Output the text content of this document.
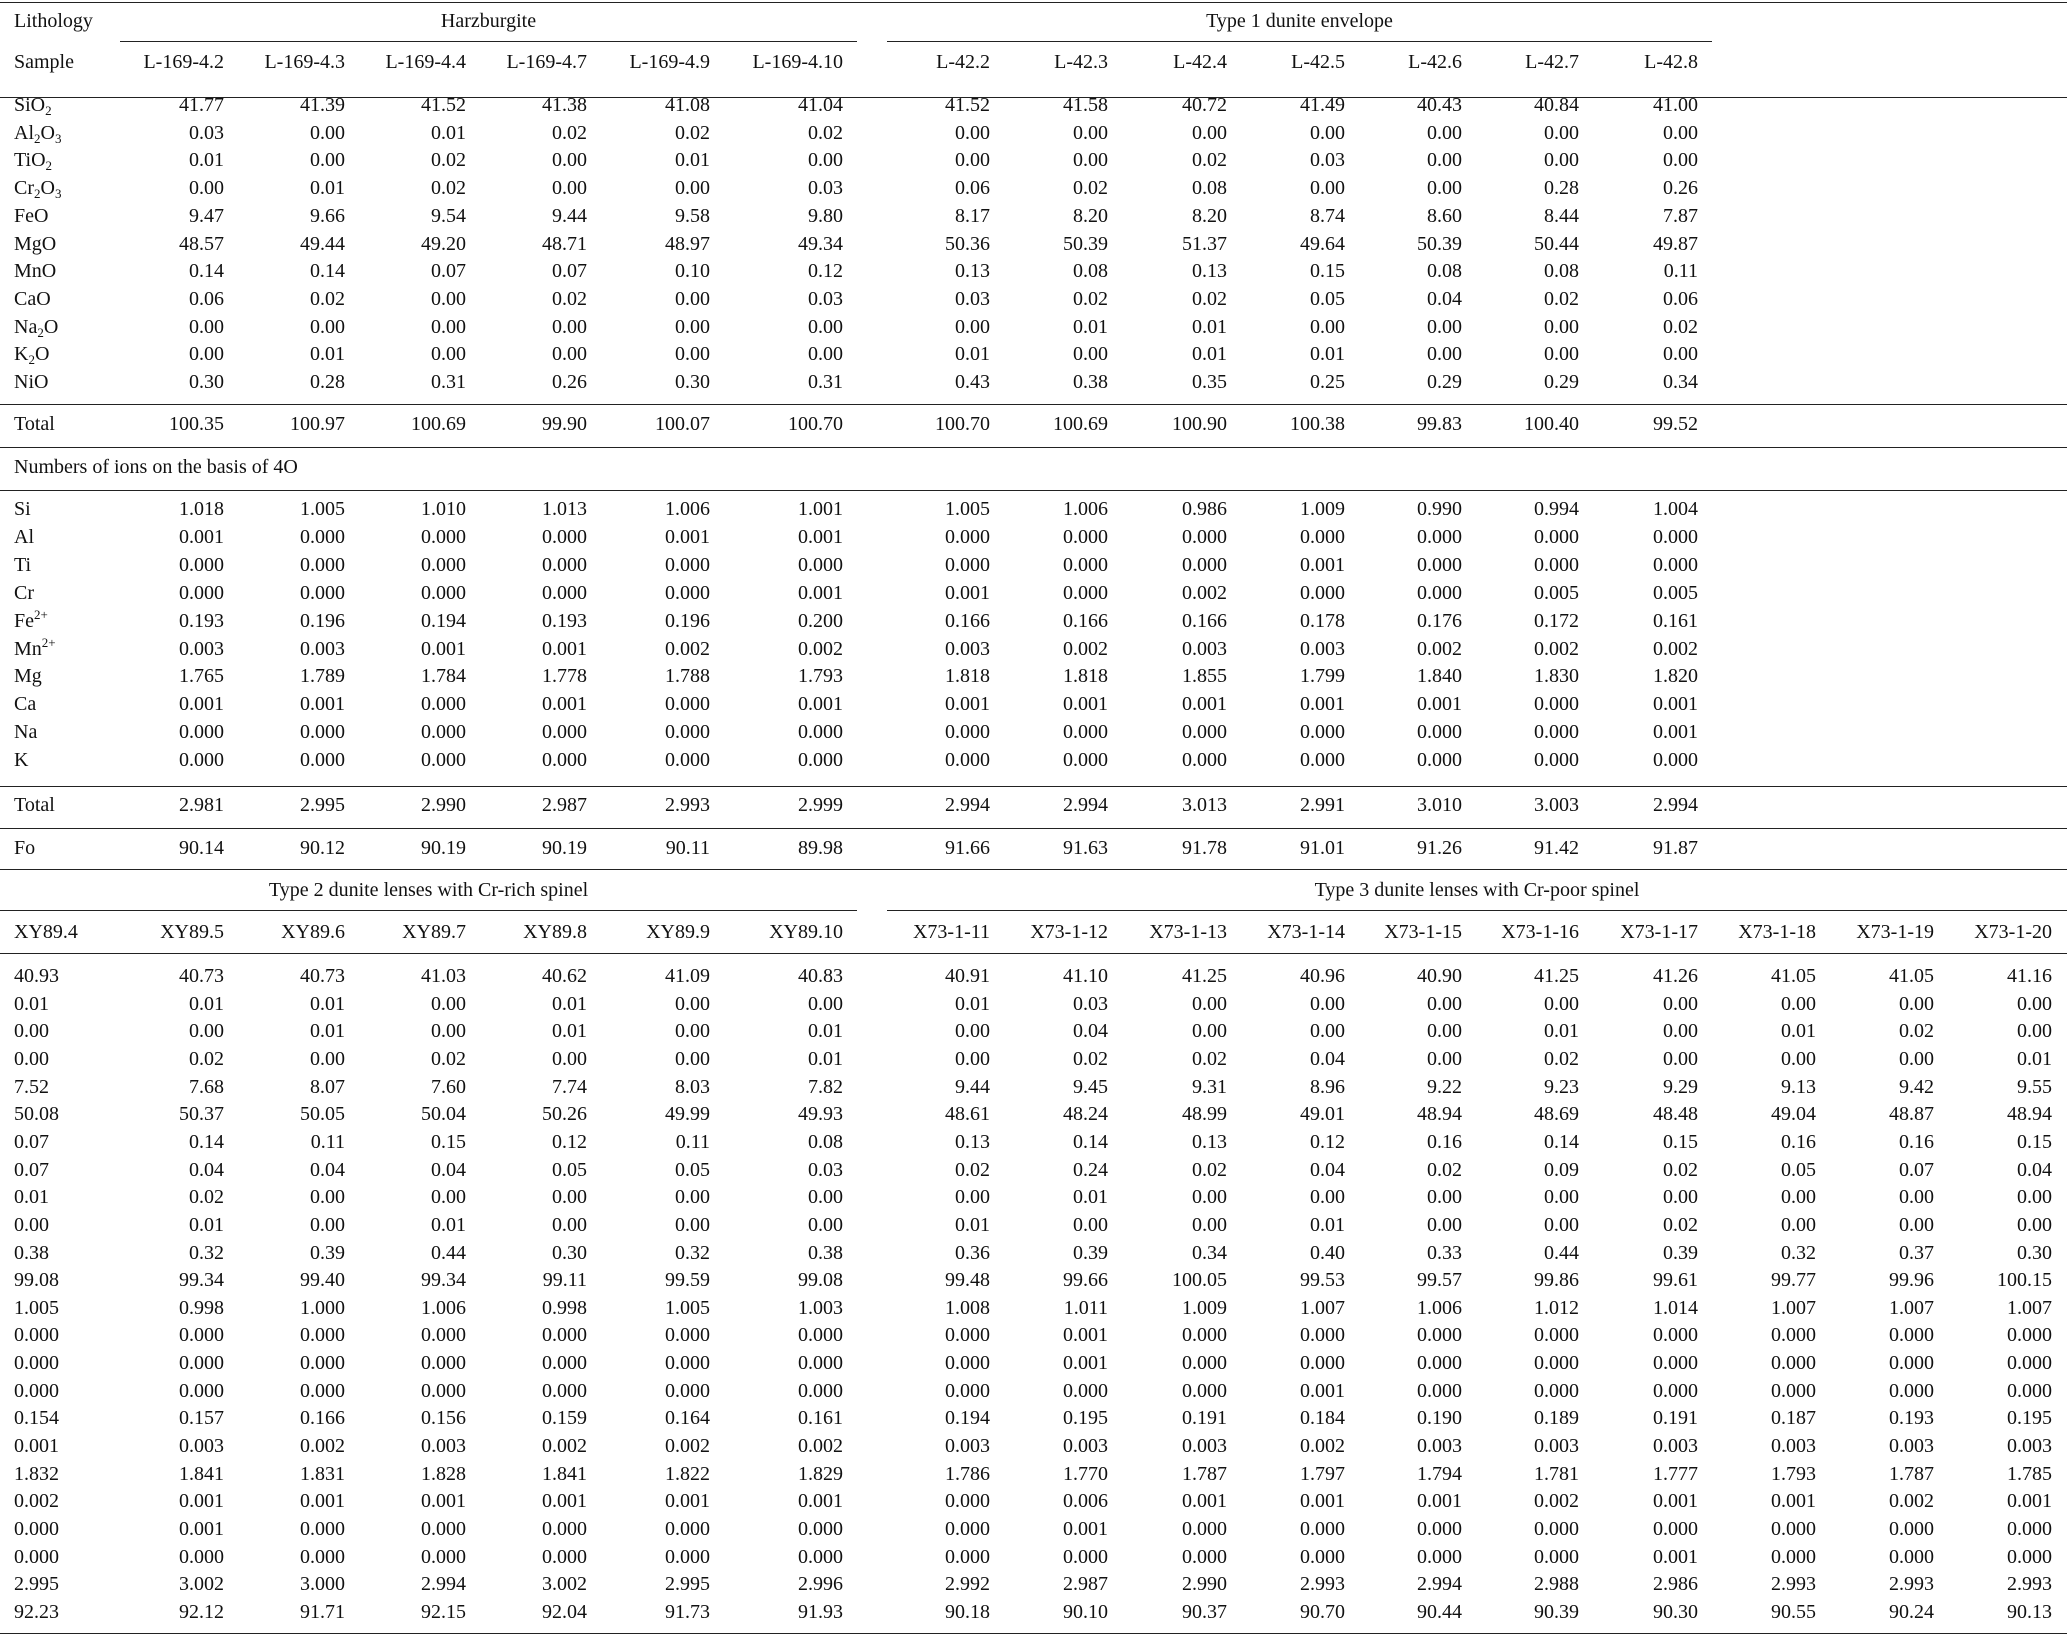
Lithology
Sample
Harzburgite	Type 1 dunite envelope
L-169-4.2	L-169-4.3	L-169-4.4	L-169-4.7	L-169-4.9	L-169-4.10	L-42.2	L-42.3	L-42.4	L-42.5	L-42.6	L-42.7	L-42.8
SiO$_2$	41.77	41.39	41.52	41.38	41.08	41.04	41.52	41.58	40.72	41.49	40.43	40.84	41.00
$Al_2O_3$	0.03	0.00	0.01	0.02	0.02	0.02	0.00	0.00	0.00	0.00	0.00	0.00	0.00
TiO$_2$	0.01	0.00	0.02	0.00	0.01	0.00	0.00	0.00	0.02	0.03	0.00	0.00	0.00
$Cr_2O_3$	0.00	0.01	0.02	0.00	0.00	0.03	0.06	0.02	0.08	0.00	0.00	0.28	0.26
FeO	9.47	9.66	9.54	9.44	9.58	9.80	8.17	8.20	8.20	8.74	8.60	8.44	7.87
MgO	48.57	49.44	49.20	48.71	48.97	49.34	50.36	50.39	51.37	49.64	50.39	50.44	49.87
MnO	0.14	0.14	0.07	0.07	0.10	0.12	0.13	0.08	0.13	0.15	0.08	0.08	0.11
CaO	0.06	0.02	0.00	0.02	0.00	0.03	0.03	0.02	0.02	0.05	0.04	0.02	0.06
$Na_2O$	0.00	0.00	0.00	0.00	0.00	0.00	0.00	0.01	0.01	0.00	0.00	0.00	0.02
$K_2O$	0.00	0.01	0.00	0.00	0.00	0.00	0.01	0.00	0.01	0.01	0.00	0.00	0.00
NiO	0.30	0.28	0.31	0.26	0.30	0.31	0.43	0.38	0.35	0.25	0.29	0.29	0.34
Total	100.35	100.97	100.69	99.90	100.07	100.70	100.70	100.69	100.90	100.38	99.83	100.40	99.52
Numbers of ions on the basis of 4O
Si	1.018	1.005	1.010	1.013	1.006	1.001	1.005	1.006	0.986	1.009	0.990	0.994	1.004
Al	0.001	0.000	0.000	0.000	0.001	0.001	0.000	0.000	0.000	0.000	0.000	0.000	0.000
Ti	0.000	0.000	0.000	0.000	0.000	0.000	0.000	0.000	0.000	0.001	0.000	0.000	0.000
Cr	0.000	0.000	0.000	0.000	0.000	0.001	0.001	0.000	0.002	0.000	0.000	0.005	0.005
$Fe^{2+}$	0.193	0.196	0.194	0.193	0.196	0.200	0.166	0.166	0.166	0.178	0.176	0.172	0.161
$Mn^{2+}$	0.003	0.003	0.001	0.001	0.002	0.002	0.003	0.002	0.003	0.003	0.002	0.002	0.002
Mg	1.765	1.789	1.784	1.778	1.788	1.793	1.818	1.818	1.855	1.799	1.840	1.830	1.820
Ca	0.001	0.001	0.000	0.001	0.000	0.001	0.001	0.001	0.001	0.001	0.001	0.000	0.001
Na	0.000	0.000	0.000	0.000	0.000	0.000	0.000	0.000	0.000	0.000	0.000	0.000	0.001
K	0.000	0.000	0.000	0.000	0.000	0.000	0.000	0.000	0.000	0.000	0.000	0.000	0.000
Total	2.981	2.995	2.990	2.987	2.993	2.999	2.994	2.994	3.013	2.991	3.010	3.003	2.994
Fo	90.14	90.12	90.19	90.19	90.11	89.98	91.66	91.63	91.78	91.01	91.26	91.42	91.87
Type 2 dunite lenses with Cr-rich spinel	Type 3 dunite lenses with Cr-poor spinel
XY89.4	XY89.5	XY89.6	XY89.7	XY89.8	XY89.9	XY89.10	X73-1-11	X73-1-12	X73-1-13	X73-1-14	X73-1-15	X73-1-16	X73-1-17	X73-1-18	X73-1-19	X73-1-20
40.93	40.73	40.73	41.03	40.62	41.09	40.83	40.91	41.10	41.25	40.96	40.90	41.25	41.26	41.05	41.05	41.16
0.01	0.01	0.01	0.00	0.01	0.00	0.00	0.01	0.03	0.00	0.00	0.00	0.00	0.00	0.00	0.00	0.00
0.00	0.00	0.01	0.00	0.01	0.00	0.01	0.00	0.04	0.00	0.00	0.00	0.01	0.00	0.01	0.02	0.00
0.00	0.02	0.00	0.02	0.00	0.00	0.01	0.00	0.02	0.02	0.04	0.00	0.02	0.00	0.00	0.00	0.01
7.52	7.68	8.07	7.60	7.74	8.03	7.82	9.44	9.45	9.31	8.96	9.22	9.23	9.29	9.13	9.42	9.55
50.08	50.37	50.05	50.04	50.26	49.99	49.93	48.61	48.24	48.99	49.01	48.94	48.69	48.48	49.04	48.87	48.94
0.07	0.14	0.11	0.15	0.12	0.11	0.08	0.13	0.14	0.13	0.12	0.16	0.14	0.15	0.16	0.16	0.15
0.07	0.04	0.04	0.04	0.05	0.05	0.03	0.02	0.24	0.02	0.04	0.02	0.09	0.02	0.05	0.07	0.04
0.01	0.02	0.00	0.00	0.00	0.00	0.00	0.00	0.01	0.00	0.00	0.00	0.00	0.00	0.00	0.00	0.00
0.00	0.01	0.00	0.01	0.00	0.00	0.00	0.01	0.00	0.00	0.01	0.00	0.00	0.02	0.00	0.00	0.00
0.38	0.32	0.39	0.44	0.30	0.32	0.38	0.36	0.39	0.34	0.40	0.33	0.44	0.39	0.32	0.37	0.30
99.08	99.34	99.40	99.34	99.11	99.59	99.08	99.48	99.66	100.05	99.53	99.57	99.86	99.61	99.77	99.96	100.15
1.005	0.998	1.000	1.006	0.998	1.005	1.003	1.008	1.011	1.009	1.007	1.006	1.012	1.014	1.007	1.007	1.007
0.000	0.000	0.000	0.000	0.000	0.000	0.000	0.000	0.001	0.000	0.000	0.000	0.000	0.000	0.000	0.000	0.000
0.000	0.000	0.000	0.000	0.000	0.000	0.000	0.000	0.001	0.000	0.000	0.000	0.000	0.000	0.000	0.000	0.000
0.000	0.000	0.000	0.000	0.000	0.000	0.000	0.000	0.000	0.000	0.001	0.000	0.000	0.000	0.000	0.000	0.000
0.154	0.157	0.166	0.156	0.159	0.164	0.161	0.194	0.195	0.191	0.184	0.190	0.189	0.191	0.187	0.193	0.195
0.001	0.003	0.002	0.003	0.002	0.002	0.002	0.003	0.003	0.003	0.002	0.003	0.003	0.003	0.003	0.003	0.003
1.832	1.841	1.831	1.828	1.841	1.822	1.829	1.786	1.770	1.787	1.797	1.794	1.781	1.777	1.793	1.787	1.785
0.002	0.001	0.001	0.001	0.001	0.001	0.001	0.000	0.006	0.001	0.001	0.001	0.002	0.001	0.001	0.002	0.001
0.000	0.001	0.000	0.000	0.000	0.000	0.000	0.000	0.001	0.000	0.000	0.000	0.000	0.000	0.000	0.000	0.000
0.000	0.000	0.000	0.000	0.000	0.000	0.000	0.000	0.000	0.000	0.000	0.000	0.000	0.001	0.000	0.000	0.000
2.995	3.002	3.000	2.994	3.002	2.995	2.996	2.992	2.987	2.990	2.993	2.994	2.988	2.986	2.993	2.993	2.993
92.23	92.12	91.71	92.15	92.04	91.73	91.93	90.18	90.10	90.37	90.70	90.44	90.39	90.30	90.55	90.24	90.13
